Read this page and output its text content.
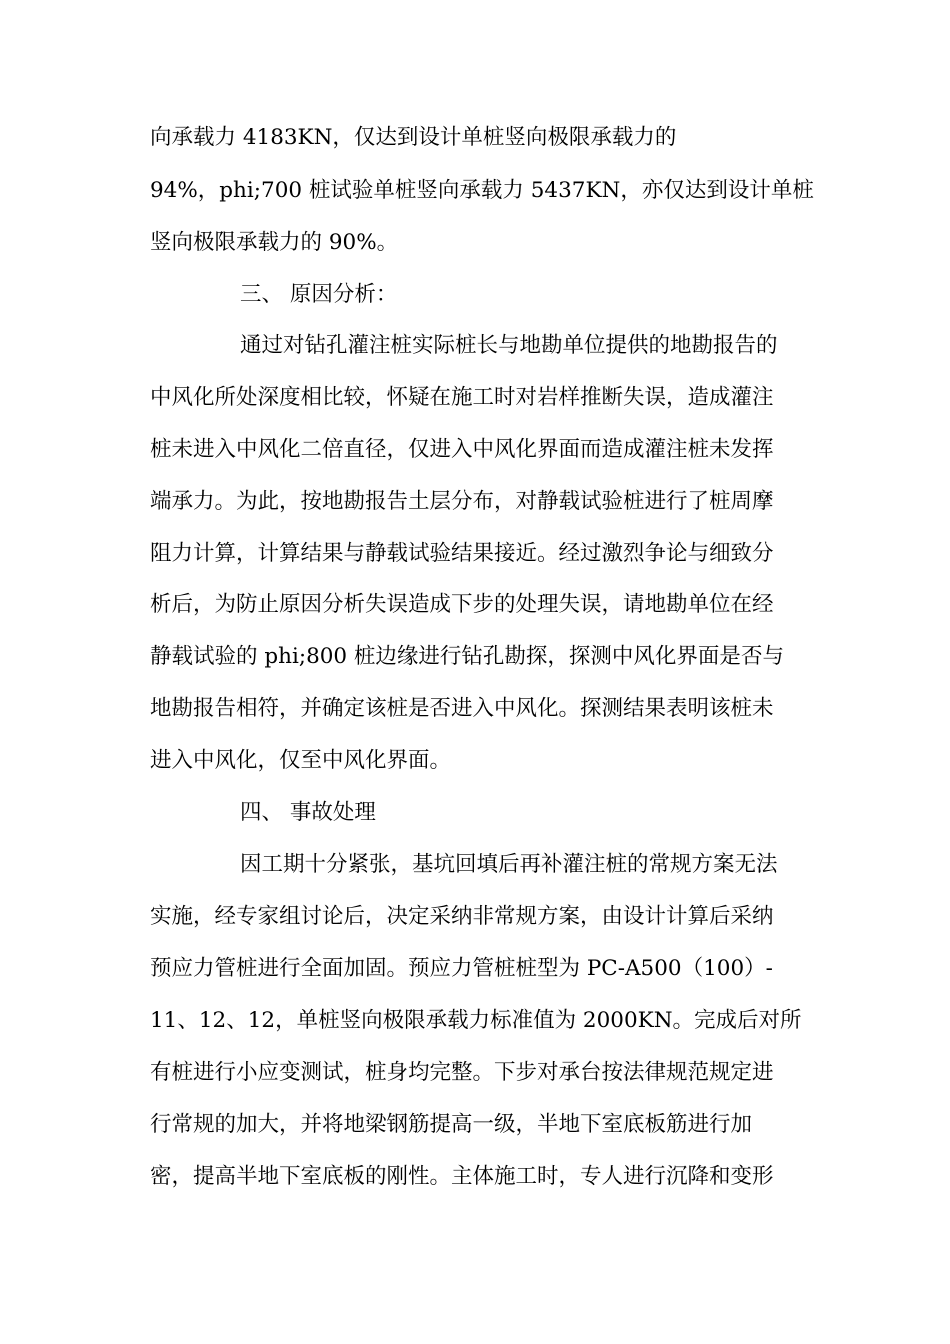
向承载力 4183KN，仅达到设计单桩竖向极限承载力的
94%，phi;700 桩试验单桩竖向承载力 5437KN，亦仅达到设计单桩
竖向极限承载力的 90%。
三、 原因分析：
通过对钻孔灌注桩实际桩长与地勘单位提供的地勘报告的
中风化所处深度相比较，怀疑在施工时对岩样推断失误，造成灌注
桩未进入中风化二倍直径，仅进入中风化界面而造成灌注桩未发挥
端承力。为此，按地勘报告土层分布，对静载试验桩进行了桩周摩
阻力计算，计算结果与静载试验结果接近。经过激烈争论与细致分
析后，为防止原因分析失误造成下步的处理失误，请地勘单位在经
静载试验的 phi;800 桩边缘进行钻孔勘探，探测中风化界面是否与
地勘报告相符，并确定该桩是否进入中风化。探测结果表明该桩未
进入中风化，仅至中风化界面。
四、 事故处理
因工期十分紧张，基坑回填后再补灌注桩的常规方案无法
实施，经专家组讨论后，决定采纳非常规方案，由设计计算后采纳
预应力管桩进行全面加固。预应力管桩桩型为 PC-A500（100）-
11、12、12，单桩竖向极限承载力标准值为 2000KN。完成后对所
有桩进行小应变测试，桩身均完整。下步对承台按法律规范规定进
行常规的加大，并将地梁钢筋提高一级，半地下室底板筋进行加
密，提高半地下室底板的刚性。主体施工时，专人进行沉降和变形
